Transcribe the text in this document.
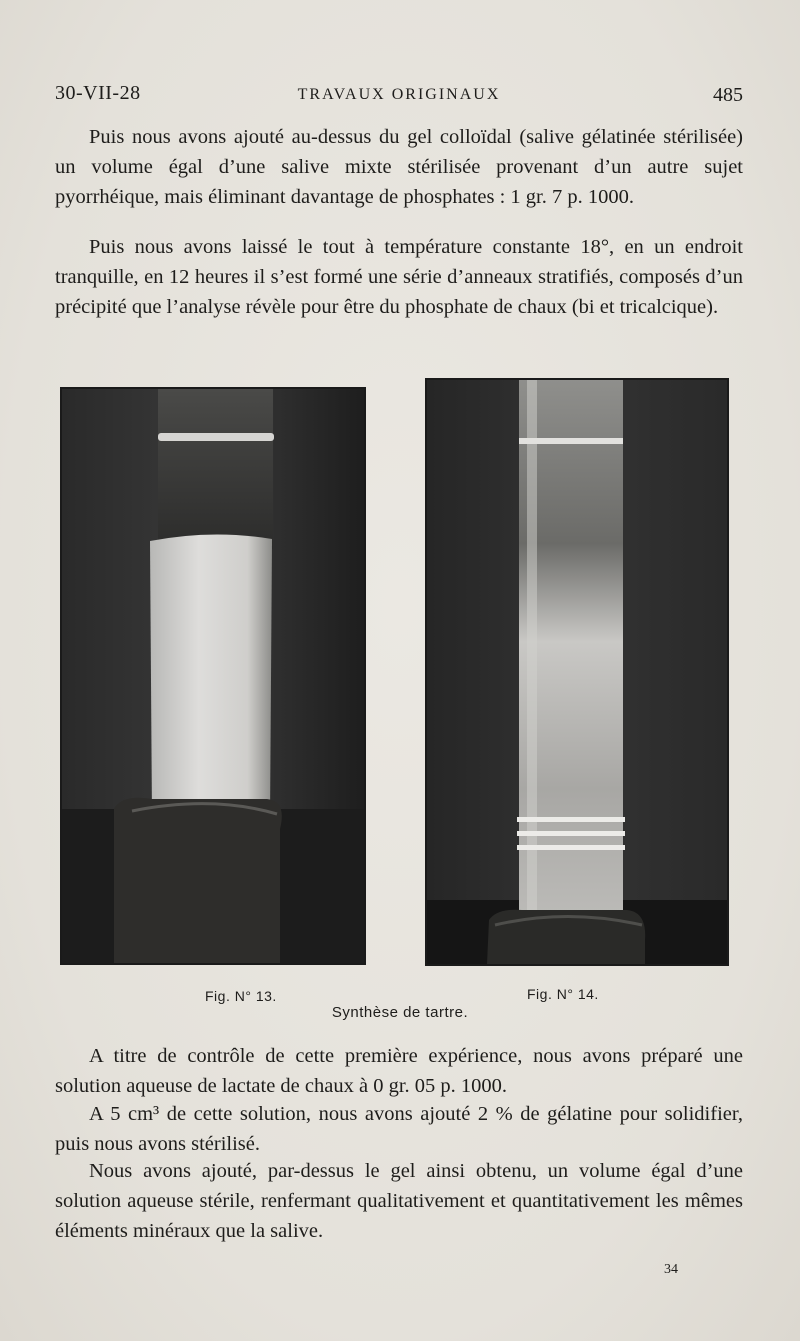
30-VII-28	TRAVAUX ORIGINAUX	485

Puis nous avons ajouté au-dessus du gel colloïdal (salive gélatinée stérilisée) un volume égal d’une salive mixte stérilisée provenant d’un autre sujet pyorrhéique, mais éliminant davantage de phosphates : 1 gr. 7 p. 1000.

Puis nous avons laissé le tout à température constante 18°, en un endroit tranquille, en 12 heures il s’est formé une série d’anneaux stratifiés, composés d’un précipité que l’analyse révèle pour être du phosphate de chaux (bi et tricalcique).

Fig. N° 13.	Fig. N° 14.
Synthèse de tartre.

A titre de contrôle de cette première expérience, nous avons préparé une solution aqueuse de lactate de chaux à 0 gr. 05 p. 1000.

A 5 cm³ de cette solution, nous avons ajouté 2 % de gélatine pour solidifier, puis nous avons stérilisé.

Nous avons ajouté, par-dessus le gel ainsi obtenu, un volume égal d’une solution aqueuse stérile, renfermant qualitativement et quantitativement les mêmes éléments minéraux que la salive.

34
